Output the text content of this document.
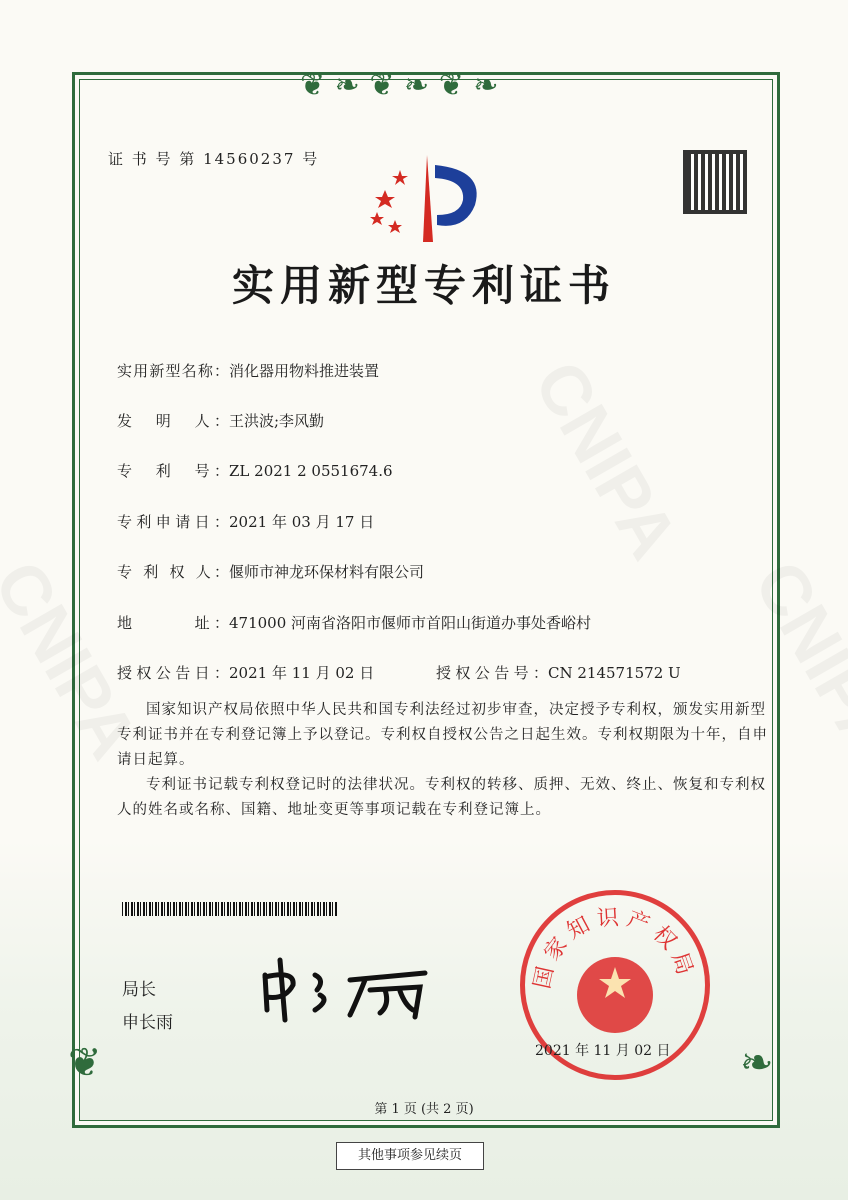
❦ ❧ ❦ ❧ ❦ ❧
❦	❧
证 书 号 第 14560237 号
实用新型专利证书
实用新型名称：消化器用物料推进装置
发　明　人：王洪波;李风勤
专　利　号：ZL 2021 2 0551674.6
专利申请日：2021 年 03 月 17 日
专 利 权 人：偃师市神龙环保材料有限公司
地　　　址：471000 河南省洛阳市偃师市首阳山街道办事处香峪村
授权公告日：2021 年 11 月 02 日	授权公告号：CN 214571572 U

国家知识产权局依照中华人民共和国专利法经过初步审查，决定授予专利权，颁发实用新型专利证书并在专利登记簿上予以登记。专利权自授权公告之日起生效。专利权期限为十年，自申请日起算。

专利证书记载专利权登记时的法律状况。专利权的转移、质押、无效、终止、恢复和专利权人的姓名或名称、国籍、地址变更等事项记载在专利登记簿上。

局长
申长雨
国家知识产权局
2021 年 11 月 02 日
第 1 页 (共 2 页)
其他事项参见续页
